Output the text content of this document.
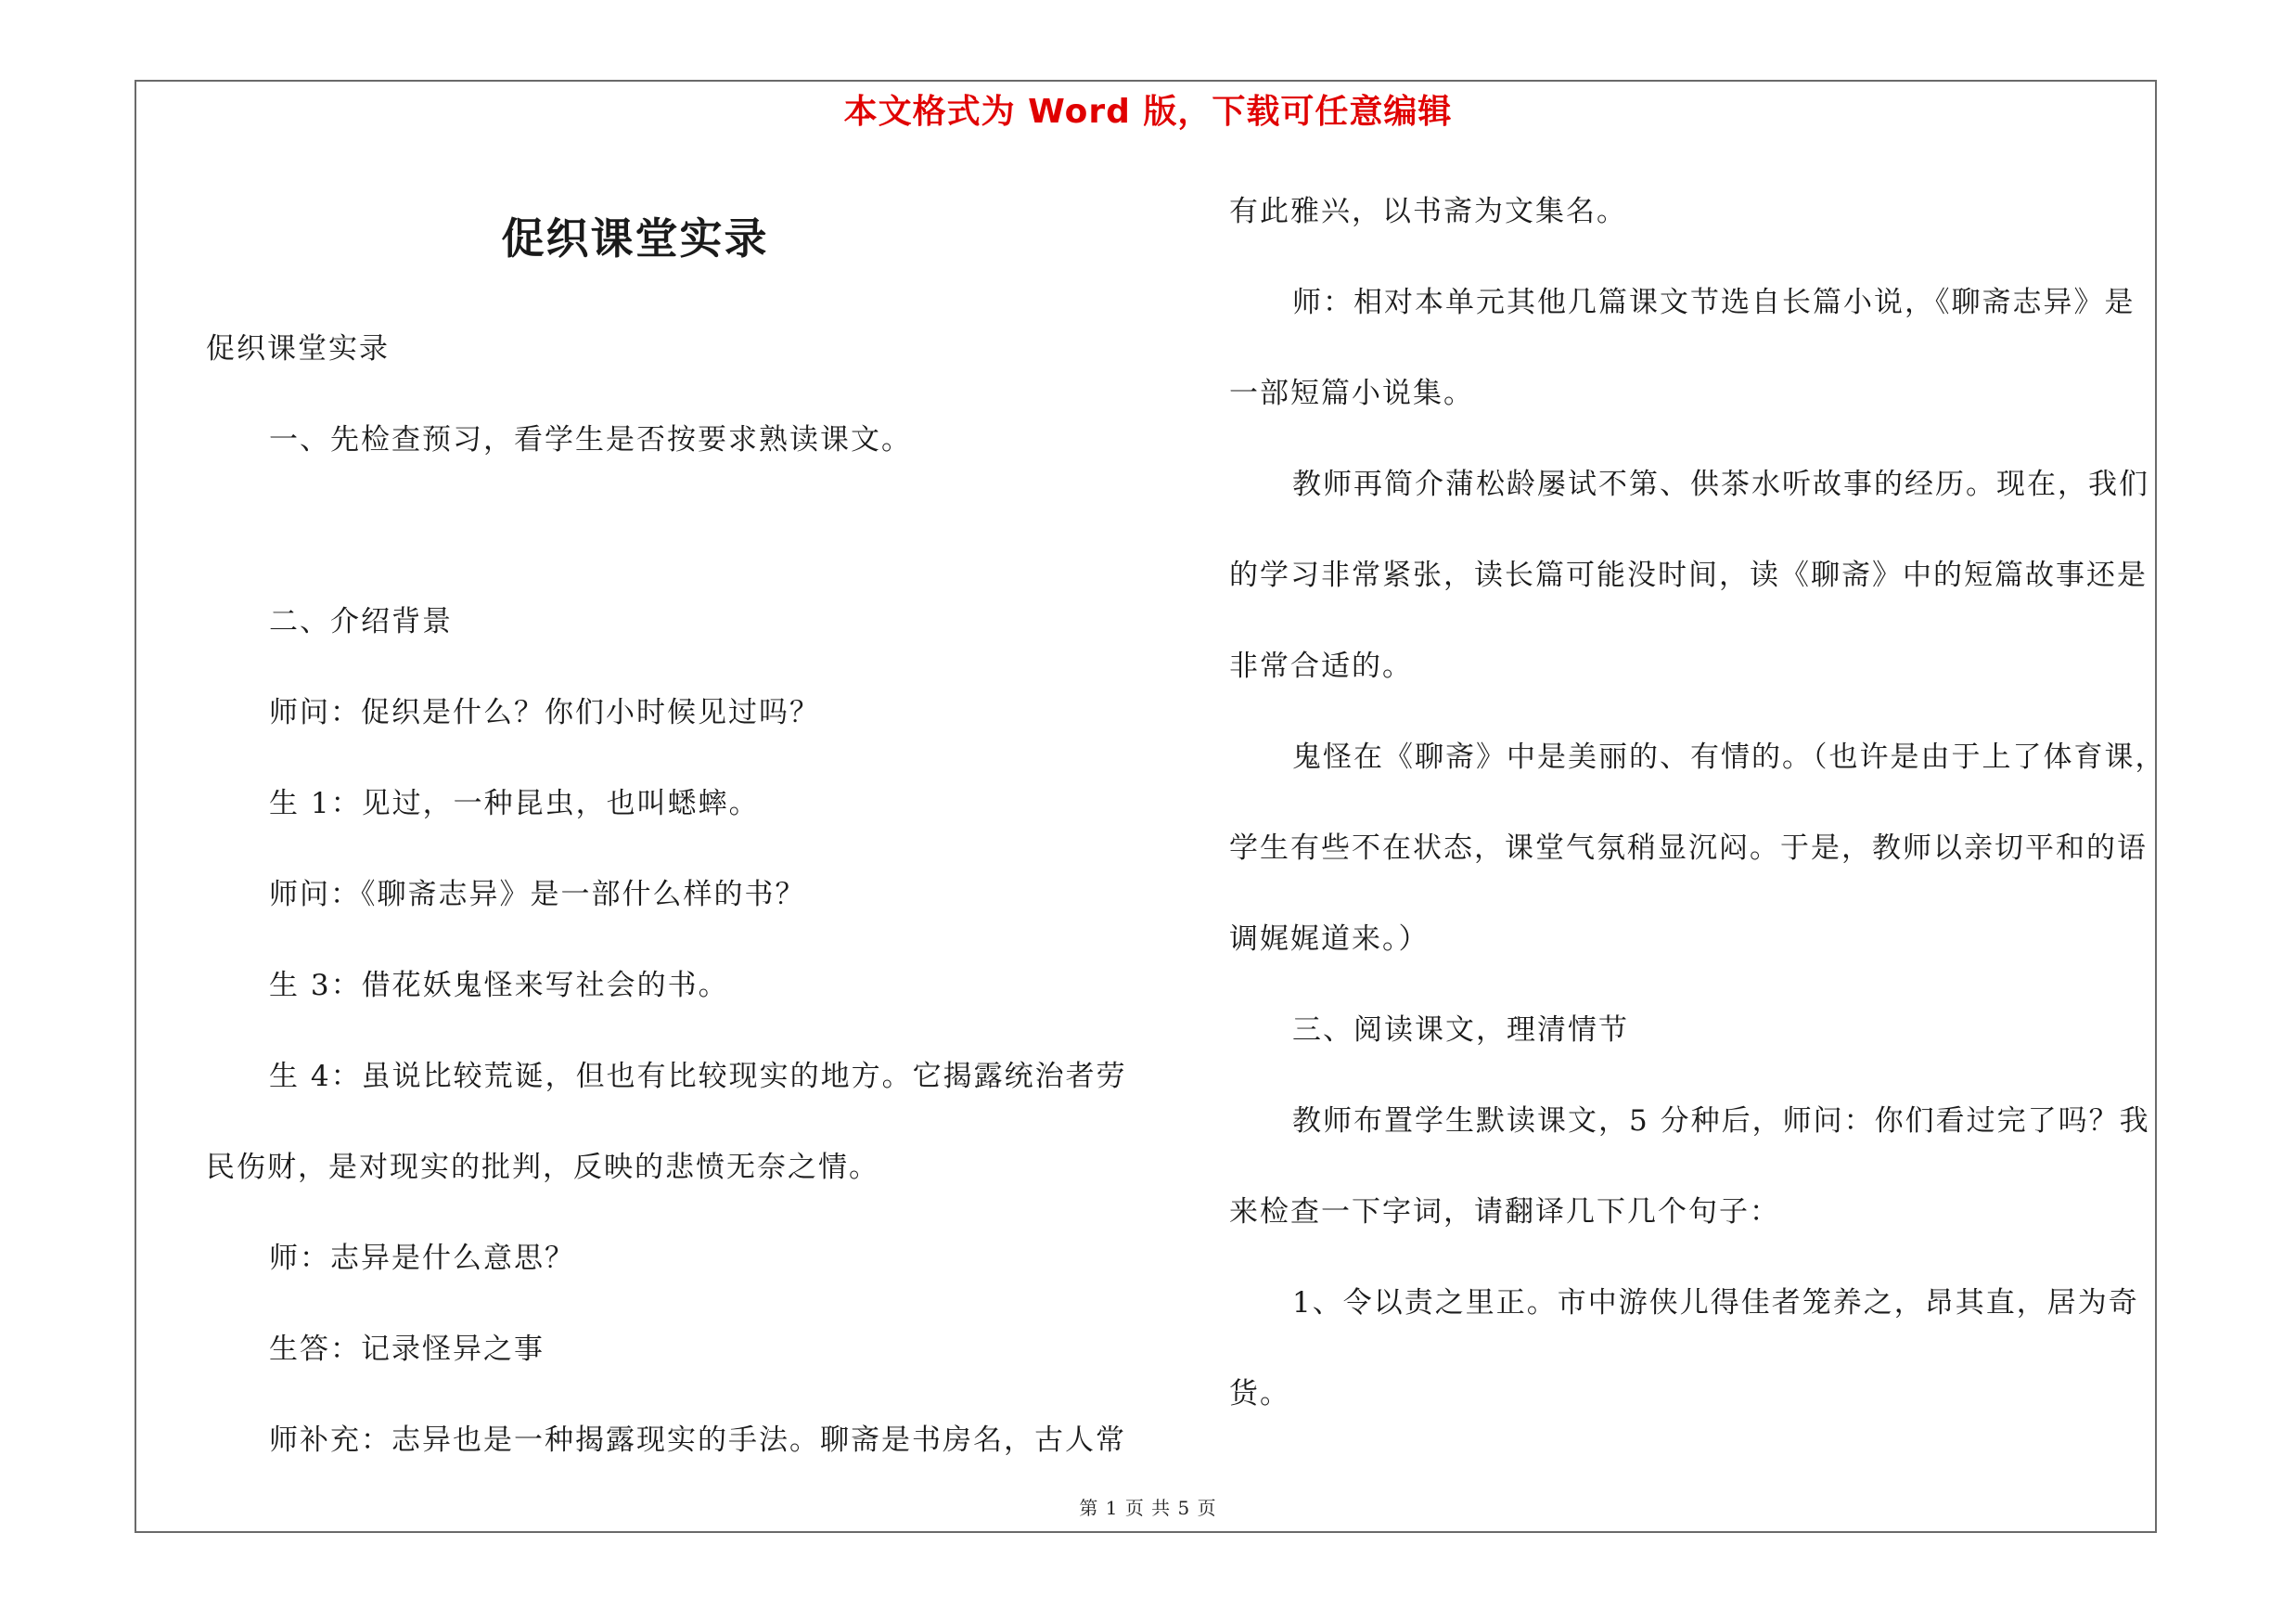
本文格式为 Word 版，下载可任意编辑
促织课堂实录
促织课堂实录
一、先检查预习，看学生是否按要求熟读课文。
二、介绍背景
师问：促织是什么？你们小时候见过吗？
生 1：见过，一种昆虫，也叫蟋蟀。
师问：《聊斋志异》是一部什么样的书？
生 3：借花妖鬼怪来写社会的书。
生 4：虽说比较荒诞，但也有比较现实的地方。它揭露统治者劳
民伤财，是对现实的批判，反映的悲愤无奈之情。
师：志异是什么意思？
生答：记录怪异之事
师补充：志异也是一种揭露现实的手法。聊斋是书房名，古人常
有此雅兴，以书斋为文集名。
师：相对本单元其他几篇课文节选自长篇小说，《聊斋志异》是
一部短篇小说集。
教师再简介蒲松龄屡试不第、供茶水听故事的经历。现在，我们
的学习非常紧张，读长篇可能没时间，读《聊斋》中的短篇故事还是
非常合适的。
鬼怪在《聊斋》中是美丽的、有情的。（也许是由于上了体育课，
学生有些不在状态，课堂气氛稍显沉闷。于是，教师以亲切平和的语
调娓娓道来。）
三、阅读课文，理清情节
教师布置学生默读课文，5 分种后，师问：你们看过完了吗？我
来检查一下字词，请翻译几下几个句子：
1、令以责之里正。市中游侠儿得佳者笼养之，昂其直，居为奇
货。
第 1 页 共 5 页
